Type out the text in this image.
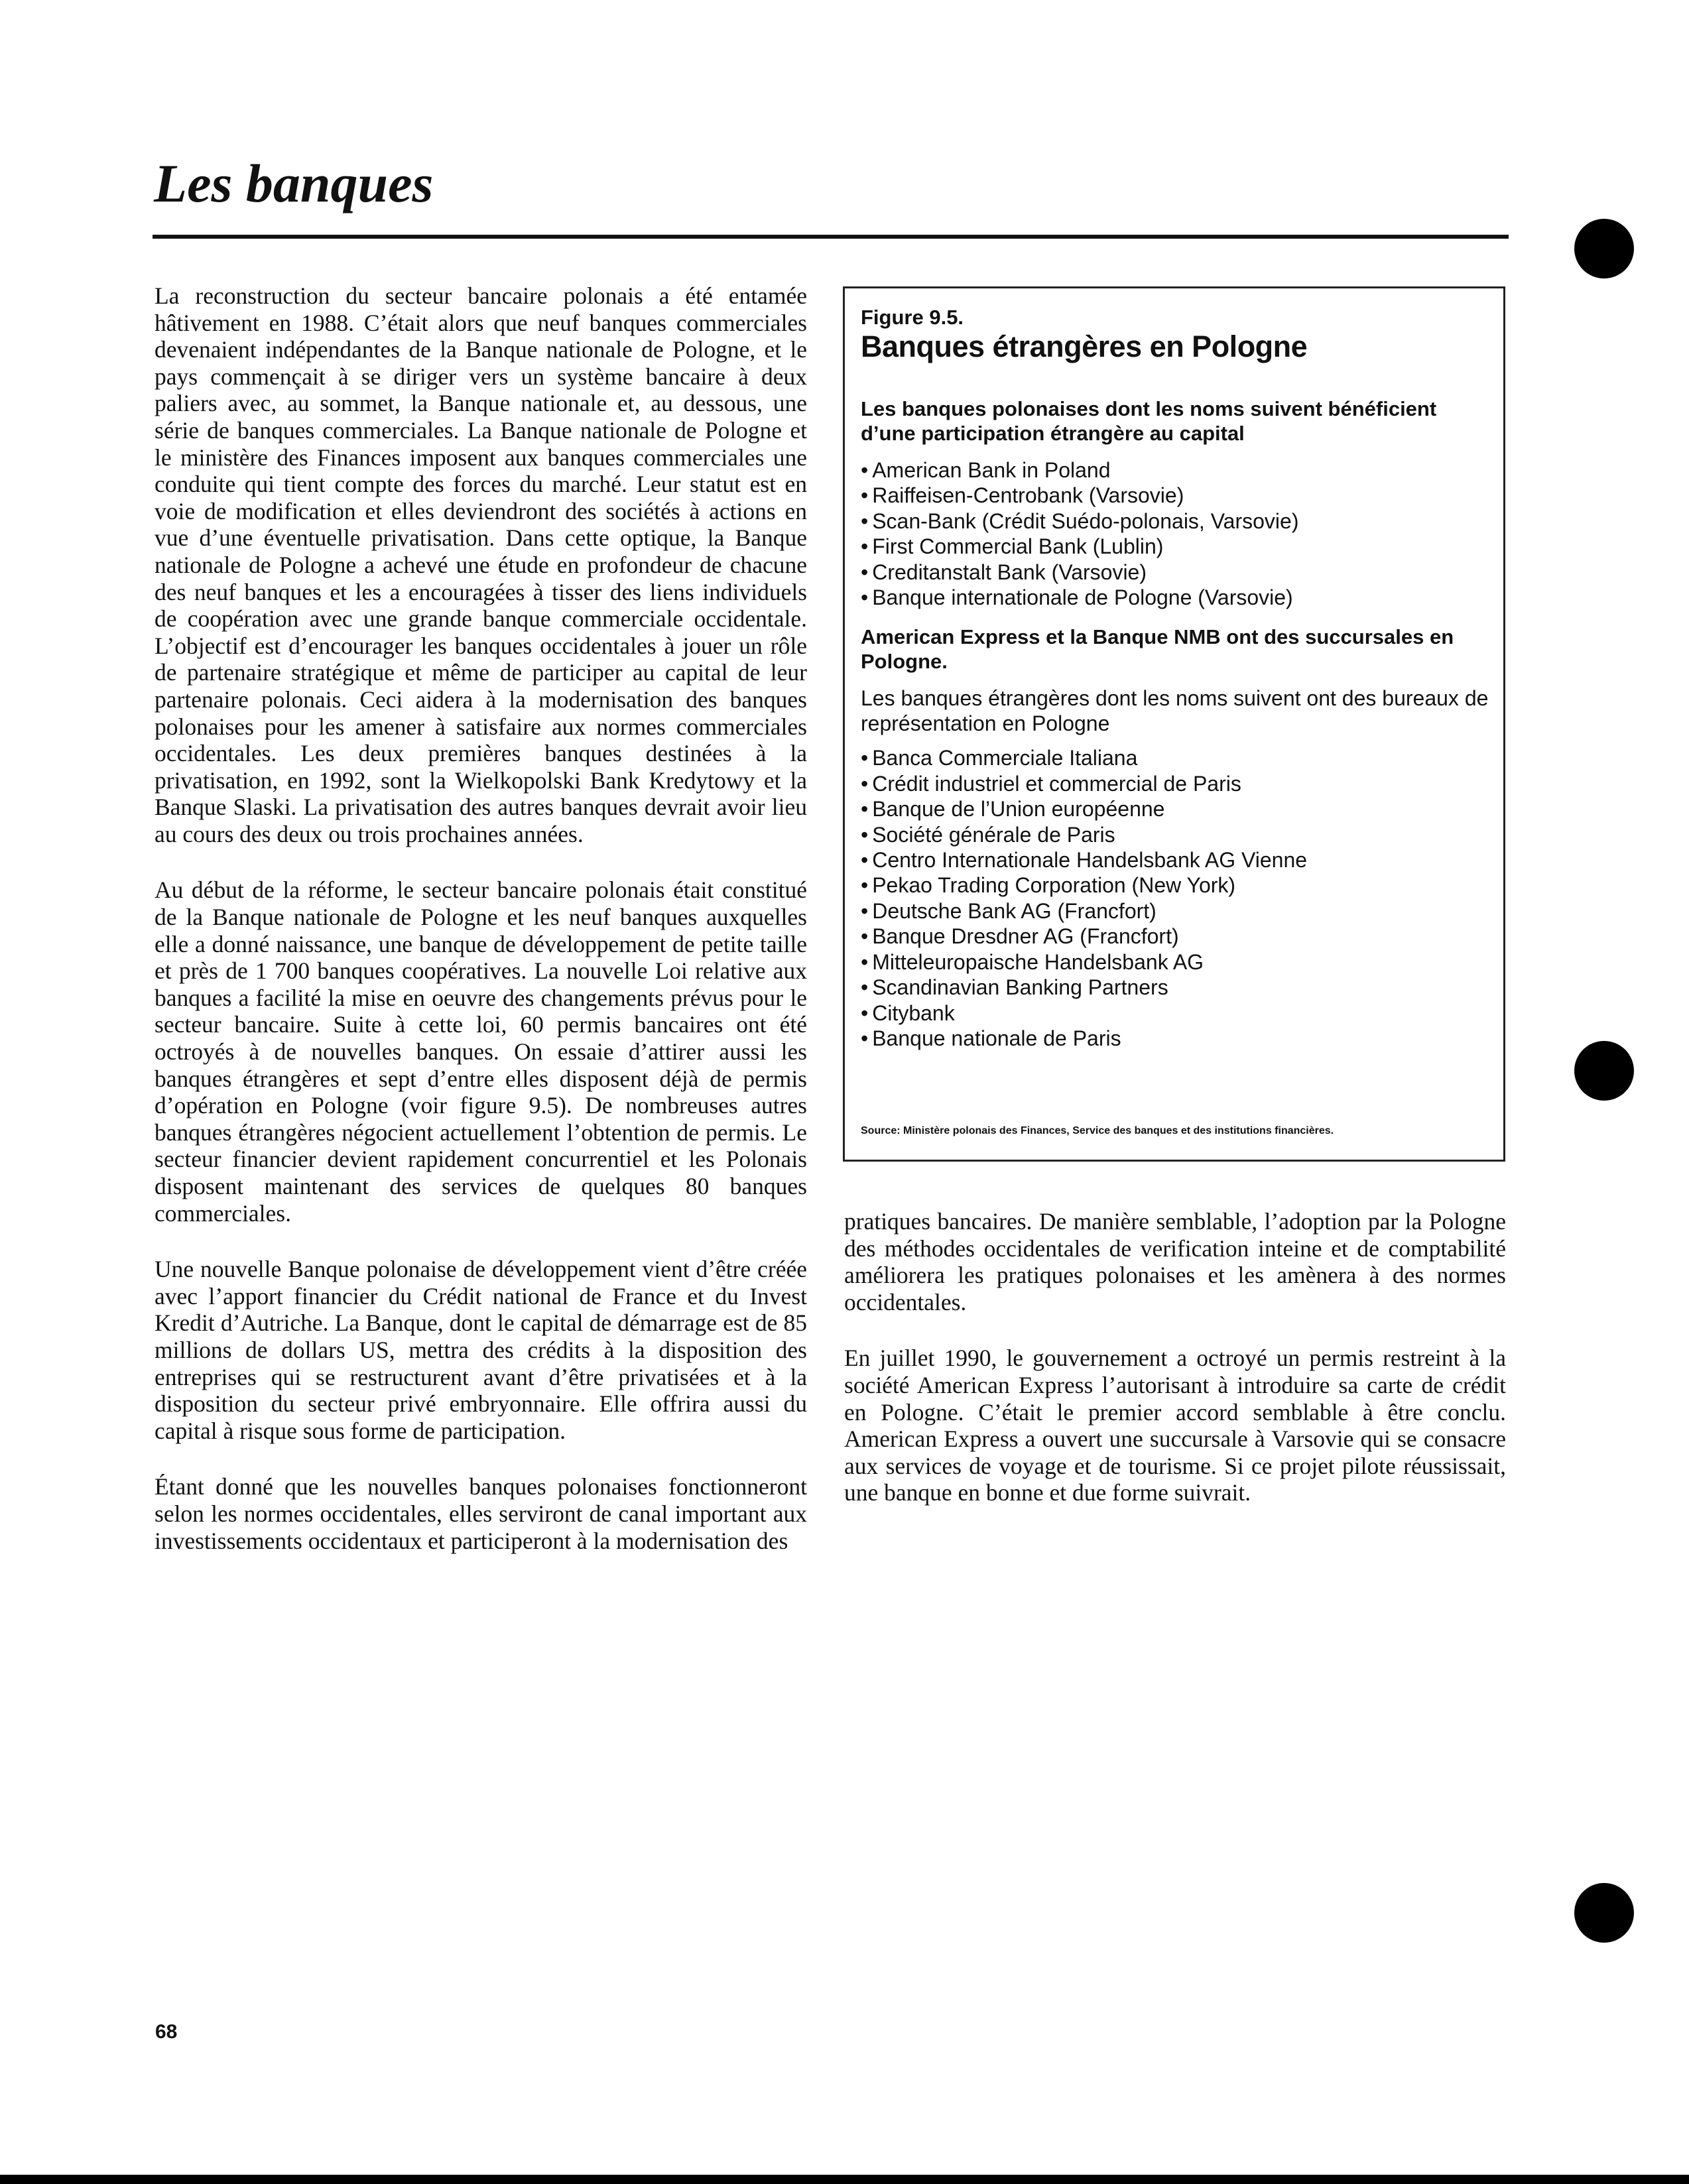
Les banques

La reconstruction du secteur bancaire polonais a été entamée hâtivement en 1988. C’était alors que neuf banques commerciales devenaient indépendantes de la Banque nationale de Pologne, et le pays commençait à se diriger vers un système bancaire à deux paliers avec, au sommet, la Banque nationale et, au dessous, une série de banques commerciales. La Banque nationale de Pologne et le ministère des Finances imposent aux banques commerciales une conduite qui tient compte des forces du marché. Leur statut est en voie de modification et elles deviendront des sociétés à actions en vue d’une éventuelle privatisation. Dans cette optique, la Banque nationale de Pologne a achevé une étude en profondeur de chacune des neuf banques et les a encouragées à tisser des liens individuels de coopération avec une grande banque commerciale occidentale. L’objectif est d’encourager les banques occidentales à jouer un rôle de partenaire stratégique et même de participer au capital de leur partenaire polonais. Ceci aidera à la modernisation des banques polonaises pour les amener à satisfaire aux normes commerciales occidentales. Les deux premières banques destinées à la privatisation, en 1992, sont la Wielkopolski Bank Kredytowy et la Banque Slaski. La privatisation des autres banques devrait avoir lieu au cours des deux ou trois prochaines années.

Au début de la réforme, le secteur bancaire polonais était constitué de la Banque nationale de Pologne et les neuf banques auxquelles elle a donné naissance, une banque de développement de petite taille et près de 1 700 banques coopératives. La nouvelle Loi relative aux banques a facilité la mise en oeuvre des changements prévus pour le secteur bancaire. Suite à cette loi, 60 permis bancaires ont été octroyés à de nouvelles banques. On essaie d’attirer aussi les banques étrangères et sept d’entre elles disposent déjà de permis d’opération en Pologne (voir figure 9.5). De nombreuses autres banques étrangères négocient actuellement l’obtention de permis. Le secteur financier devient rapidement concurrentiel et les Polonais disposent maintenant des services de quelques 80 banques commerciales.

Une nouvelle Banque polonaise de développement vient d’être créée avec l’apport financier du Crédit national de France et du Invest Kredit d’Autriche. La Banque, dont le capital de démarrage est de 85 millions de dollars US, mettra des crédits à la disposition des entreprises qui se restructurent avant d’être privatisées et à la disposition du secteur privé embryonnaire. Elle offrira aussi du capital à risque sous forme de participation.

Étant donné que les nouvelles banques polonaises fonctionneront selon les normes occidentales, elles serviront de canal important aux investissements occidentaux et participeront à la modernisation des

Figure 9.5.
Banques étrangères en Pologne

Les banques polonaises dont les noms suivent bénéficient d’une participation étrangère au capital

• American Bank in Poland
• Raiffeisen-Centrobank (Varsovie)
• Scan-Bank (Crédit Suédo-polonais, Varsovie)
• First Commercial Bank (Lublin)
• Creditanstalt Bank (Varsovie)
• Banque internationale de Pologne (Varsovie)

American Express et la Banque NMB ont des succursales en Pologne.

Les banques étrangères dont les noms suivent ont des bureaux de représentation en Pologne

• Banca Commerciale Italiana
• Crédit industriel et commercial de Paris
• Banque de l’Union européenne
• Société générale de Paris
• Centro Internationale Handelsbank AG Vienne
• Pekao Trading Corporation (New York)
• Deutsche Bank AG (Francfort)
• Banque Dresdner AG (Francfort)
• Mitteleuropaische Handelsbank AG
• Scandinavian Banking Partners
• Citybank
• Banque nationale de Paris
Source: Ministère polonais des Finances, Service des banques et des institutions financières.

pratiques bancaires. De manière semblable, l’adoption par la Pologne des méthodes occidentales de verification inteine et de comptabilité améliorera les pratiques polonaises et les amènera à des normes occidentales.

En juillet 1990, le gouvernement a octroyé un permis restreint à la société American Express l’autorisant à introduire sa carte de crédit en Pologne. C’était le premier accord semblable à être conclu. American Express a ouvert une succursale à Varsovie qui se consacre aux services de voyage et de tourisme. Si ce projet pilote réussissait, une banque en bonne et due forme suivrait.

68
